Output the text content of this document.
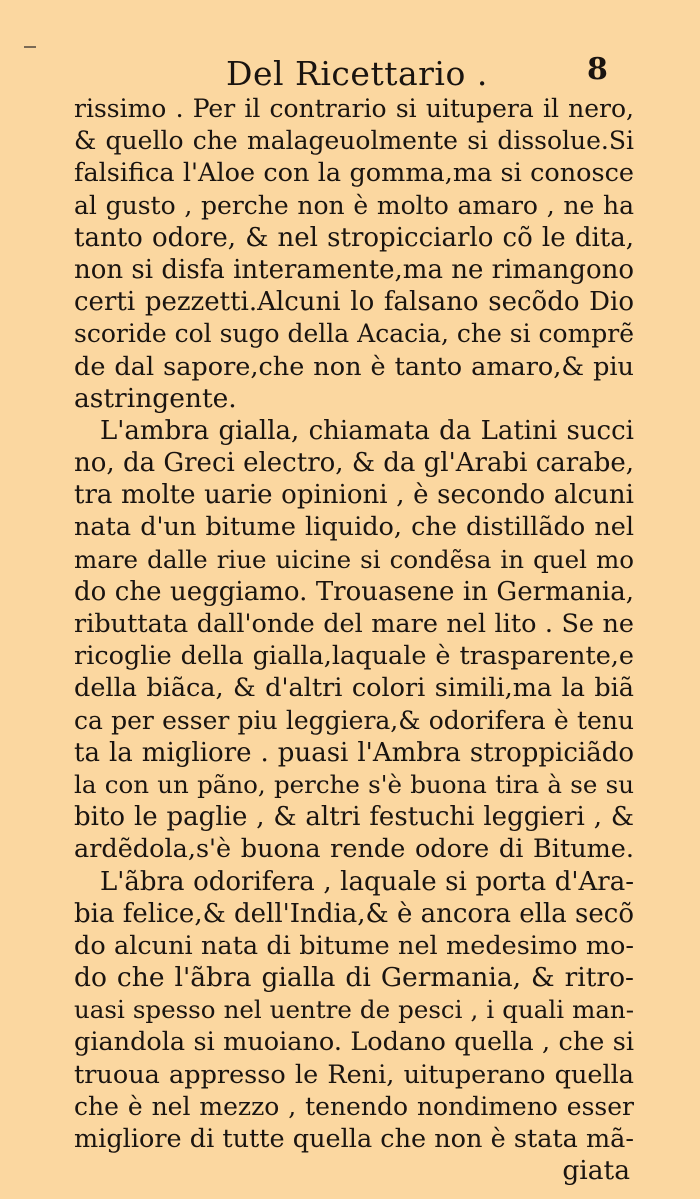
Del Ricettario .	8
rissimo . Per il contrario si uitupera il nero,
& quello che malageuolmente si dissolue.Si
falsifica l'Aloe con la gomma,ma si conosce
al gusto , perche non è molto amaro , ne ha
tanto odore, & nel stropicciarlo cõ le dita,
non si disfa interamente,ma ne rimangono
certi pezzetti.Alcuni lo falsano secõdo Dio
scoride col sugo della Acacia, che si comprẽ
de dal sapore,che non è tanto amaro,& piu
astringente.
L'ambra gialla, chiamata da Latini succi
no, da Greci electro, & da gl'Arabi carabe,
tra molte uarie opinioni , è secondo alcuni
nata d'un bitume liquido, che distillãdo nel
mare dalle riue uicine si condẽsa in quel mo
do che ueggiamo. Trouasene in Germania,
ributtata dall'onde del mare nel lito . Se ne
ricoglie della gialla,laquale è trasparente,e
della biãca, & d'altri colori simili,ma la biã
ca per esser piu leggiera,& odorifera è tenu
ta la migliore . puasi l'Ambra stroppiciãdo
la con un pãno, perche s'è buona tira à se su
bito le paglie , & altri festuchi leggieri , &
ardẽdola,s'è buona rende odore di Bitume.
L'ãbra odorifera , laquale si porta d'Ara-
bia felice,& dell'India,& è ancora ella secõ
do alcuni nata di bitume nel medesimo mo-
do che l'ãbra gialla di Germania, & ritro-
uasi spesso nel uentre de pesci , i quali man-
giandola si muoiano. Lodano quella , che si
truoua appresso le Reni, uituperano quella
che è nel mezzo , tenendo nondimeno esser
migliore di tutte quella che non è stata mã-
giata
